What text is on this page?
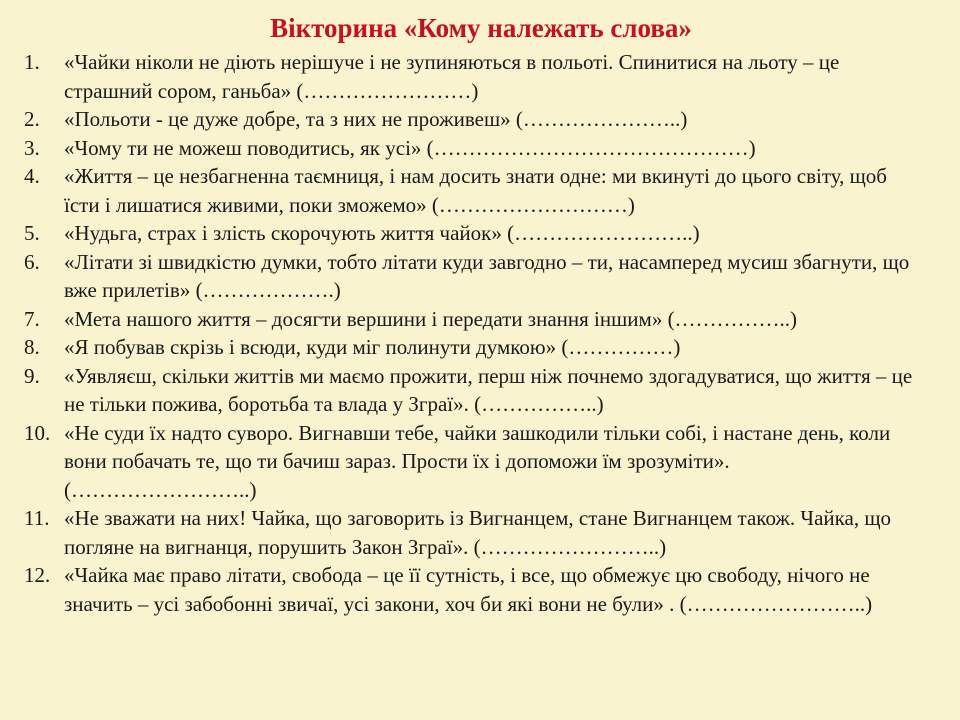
Вікторина «Кому належать слова»
1.	«Чайки ніколи не діють нерішуче і не зупиняються в польоті. Спинитися на льоту – це страшний сором, ганьба» (……………………)
2.	«Польоти - це дуже добре, та з них не проживеш» (…………………..)
3.	«Чому ти не можеш поводитись, як усі» (………………………………………)
4.	«Життя – це незбагненна таємниця, і нам досить знати одне: ми вкинуті до цього світу, щоб їсти і лишатися живими, поки зможемо» (………………………)
5.	«Нудьга, страх і злість скорочують життя чайок» (……………………..)
6.	«Літати зі швидкістю думки, тобто літати куди завгодно – ти, насамперед мусиш збагнути, що вже прилетів» (……………….)
7.	«Мета нашого життя – досягти вершини і передати знання іншим» (……………..)
8.	«Я побував скрізь і всюди, куди міг полинути думкою» (……………)
9.	«Уявляєш, скільки життів ми маємо прожити, перш ніж почнемо здогадуватися, що життя – це не тільки пожива, боротьба та влада у Зграї». (……………..)
10. «Не суди їх надто суворо. Вигнавши тебе, чайки зашкодили тільки собі, і настане день, коли вони побачать те, що ти бачиш зараз. Прости їх і допоможи їм зрозуміти». (……………………..)
11. «Не зважати на них! Чайка, що заговорить із Вигнанцем, стане Вигнанцем також. Чайка, що погляне на вигнанця, порушить Закон Зграї». (……………………..)
12. «Чайка має право літати, свобода – це її сутність, і все, що обмежує цю свободу, нічого не значить – усі забобонні звичаї, усі закони, хоч би які вони не були» . (……………………..)
